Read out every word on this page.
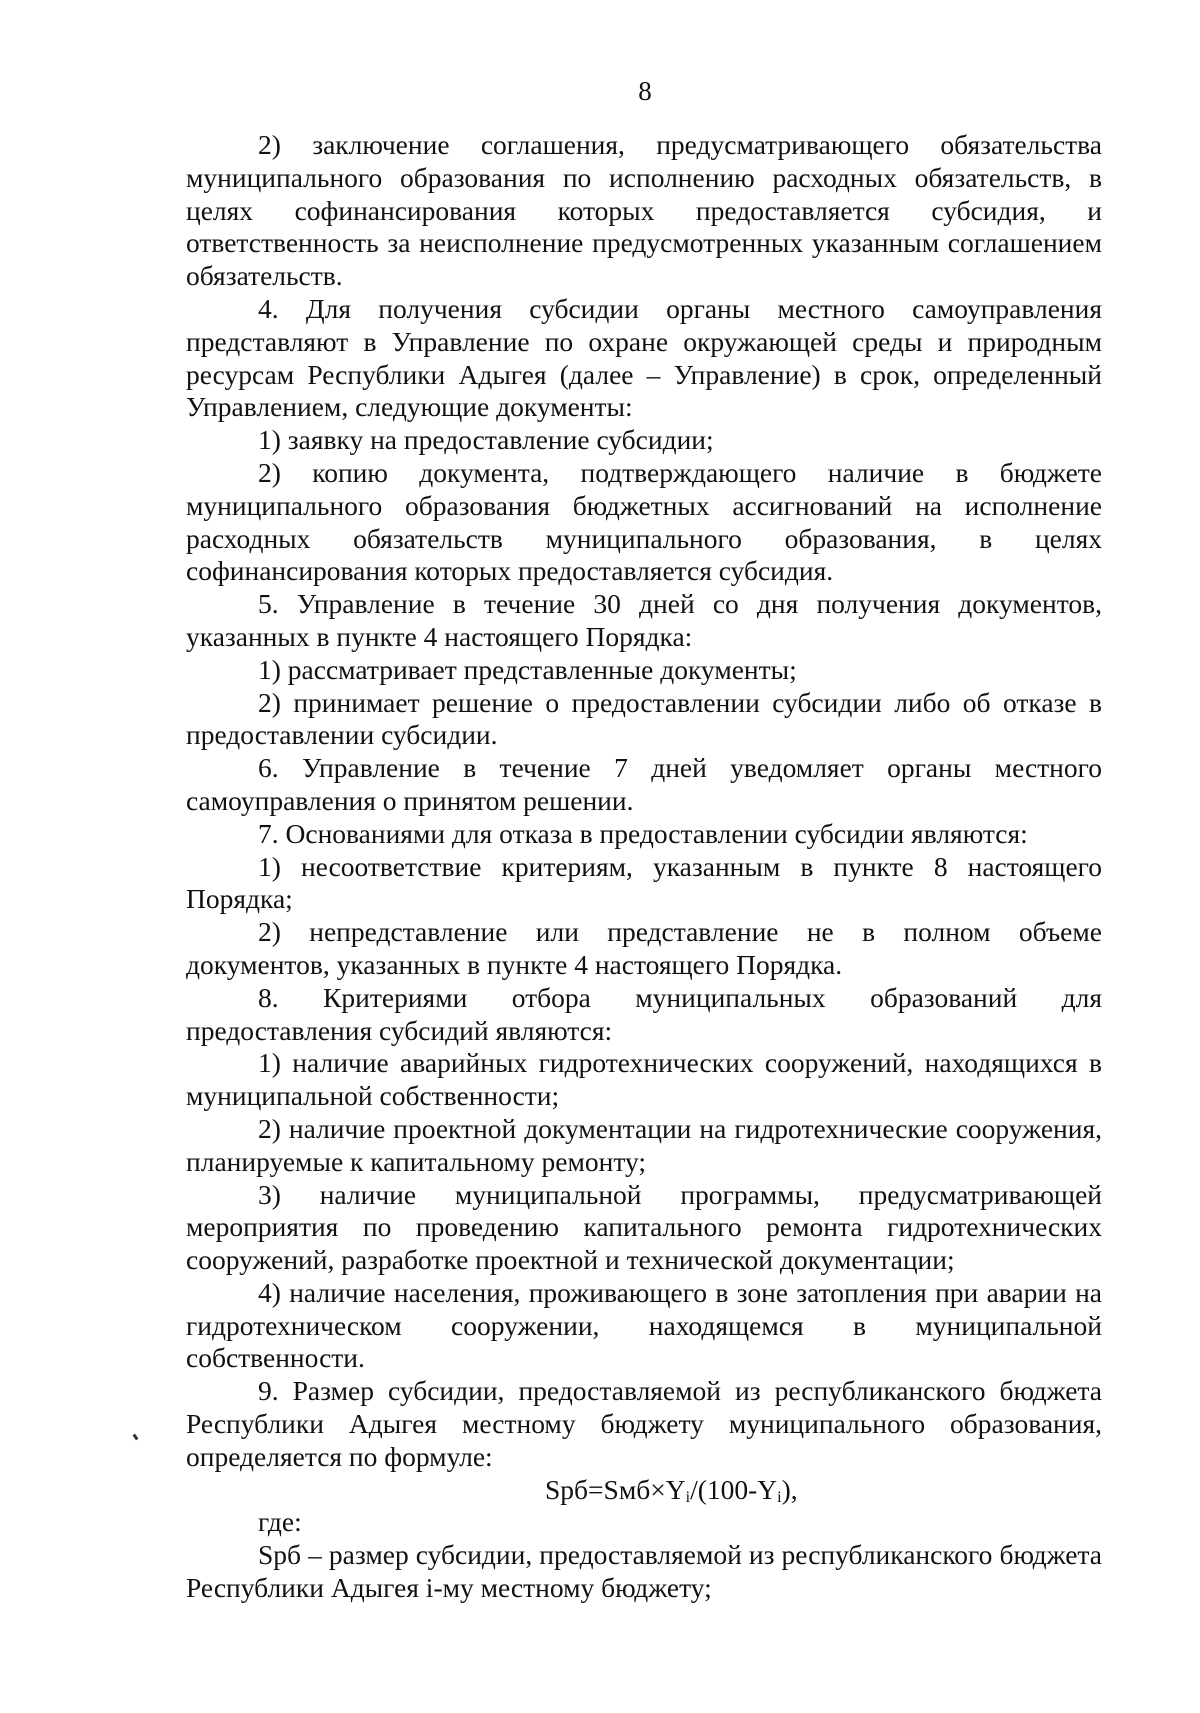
8

2) заключение соглашения, предусматривающего обязательства муниципального образования по исполнению расходных обязательств, в целях софинансирования которых предоставляется субсидия, и ответственность за неисполнение предусмотренных указанным соглашением обязательств.

4. Для получения субсидии органы местного самоуправления представляют в Управление по охране окружающей среды и природным ресурсам Республики Адыгея (далее – Управление) в срок, определенный Управлением, следующие документы:

1) заявку на предоставление субсидии;

2) копию документа, подтверждающего наличие в бюджете муниципального образования бюджетных ассигнований на исполнение расходных обязательств муниципального образования, в целях софинансирования которых предоставляется субсидия.

5. Управление в течение 30 дней со дня получения документов, указанных в пункте 4 настоящего Порядка:

1) рассматривает представленные документы;

2) принимает решение о предоставлении субсидии либо об отказе в предоставлении субсидии.

6. Управление в течение 7 дней уведомляет органы местного самоуправления о принятом решении.

7. Основаниями для отказа в предоставлении субсидии являются:

1) несоответствие критериям, указанным в пункте 8 настоящего Порядка;

2) непредставление или представление не в полном объеме документов, указанных в пункте 4 настоящего Порядка.

8. Критериями отбора муниципальных образований для предоставления субсидий являются:

1) наличие аварийных гидротехнических сооружений, находящихся в муниципальной собственности;

2) наличие проектной документации на гидротехнические сооружения, планируемые к капитальному ремонту;

3) наличие муниципальной программы, предусматривающей мероприятия по проведению капитального ремонта гидротехнических сооружений, разработке проектной и технической документации;

4) наличие населения, проживающего в зоне затопления при аварии на гидротехническом сооружении, находящемся в муниципальной собственности.

9. Размер субсидии, предоставляемой из республиканского бюджета Республики Адыгея местному бюджету муниципального образования, определяется по формуле:

$Sрб=Sмб\times Y_i/(100-Y_i)$,

где:

Sрб – размер субсидии, предоставляемой из республиканского бюджета Республики Адыгея i-му местному бюджету;
